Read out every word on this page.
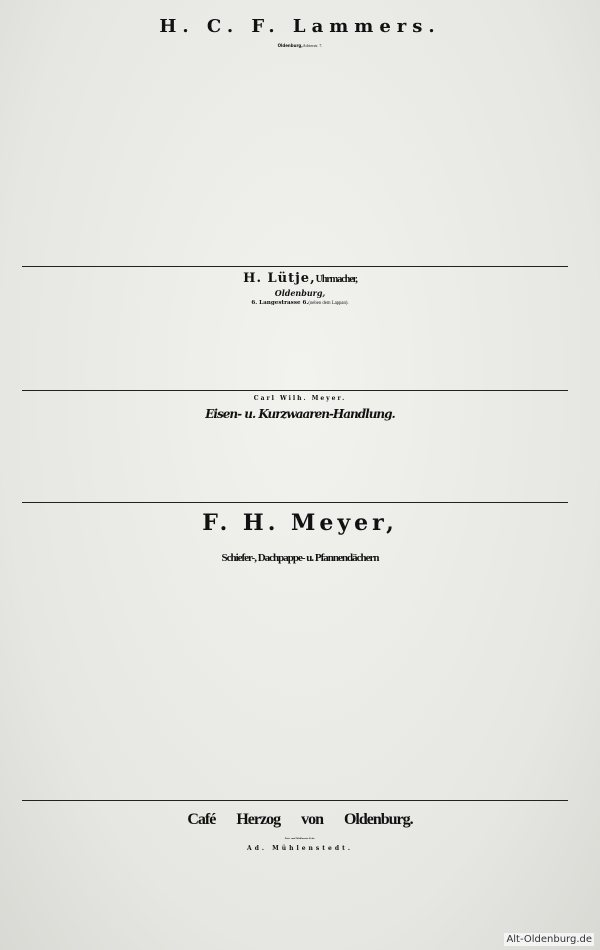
H. C. F. Lammers.
Oldenburg, Achterstr. 7.
H. Lütje, Uhrmacher,
Oldenburg,
6. Langestrasse 6. (neben dem Lappan).
Carl Wilh. Meyer.
Eisen- u. Kurzwaaren-Handlung.
F. H. Meyer,
Schiefer-, Dachpappe- u. Pfannendächern
Café Herzog von Oldenburg.
Post- und Mühlenstr.-Ecke.
Ad. Mühlenstedt.
Alt-Oldenburg.de
